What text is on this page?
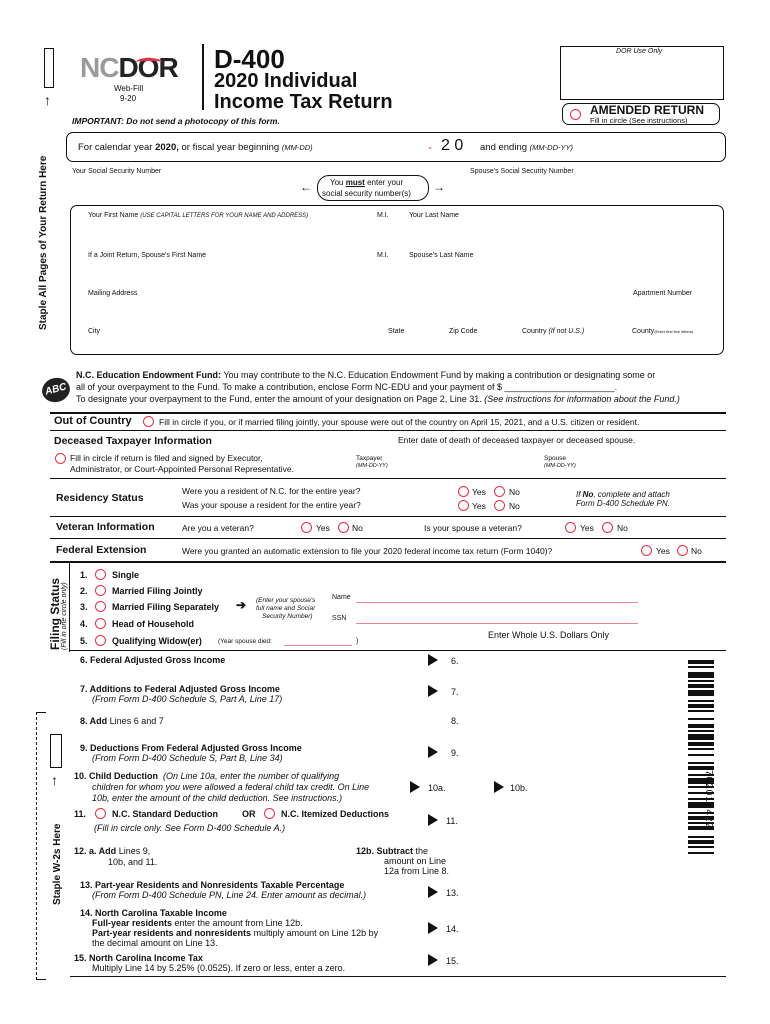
Staple All Pages of Your Return Here
↑
↑
Staple W-2s Here
NCDOR
Web-Fill
9-20
D-400
2020 Individual
Income Tax Return
DOR Use Only
AMENDED RETURN
Fill in circle (See instructions)
IMPORTANT: Do not send a photocopy of this form.
For calendar year 2020, or fiscal year beginning (MM-DD)	- 2 0 and ending (MM-DD-YY)
Your Social Security Number	Spouse's Social Security Number
← You must enter your
social security number(s) →
Your First Name (USE CAPITAL LETTERS FOR YOUR NAME AND ADDRESS)	M.I.	Your Last Name
If a Joint Return, Spouse's First Name	M.I.	Spouse's Last Name
Mailing Address	Apartment Number
City	State	Zip Code	Country (If not U.S.)	County(Enter first five letters)
ABC
N.C. Education Endowment Fund: You may contribute to the N.C. Education Endowment Fund by making a contribution or designating some or
all of your overpayment to the Fund. To make a contribution, enclose Form NC-EDU and your payment of $ ______________________.
To designate your overpayment to the Fund, enter the amount of your designation on Page 2, Line 31. (See instructions for information about the Fund.)
Out of Country	Fill in circle if you, or if married filing jointly, your spouse were out of the country on April 15, 2021, and a U.S. citizen or resident.
Deceased Taxpayer Information	Enter date of death of deceased taxpayer or deceased spouse.
Fill in circle if return is filed and signed by Executor,
Administrator, or Court-Appointed Personal Representative.
Taxpayer
(MM-DD-YY)
Spouse
(MM-DD-YY)
Residency Status
Were you a resident of N.C. for the entire year?
Was your spouse a resident for the entire year?
Yes	No
Yes	No
If No, complete and attach
Form D-400 Schedule PN.
Veteran Information	Are you a veteran?	Yes	No	Is your spouse a veteran?	Yes	No
Federal Extension	Were you granted an automatic extension to file your 2020 federal income tax return (Form 1040)?	Yes No
Filing Status (Fill in one circle only)
1.	Single
2.	Married Filing Jointly
3.	Married Filing Separately ➔ (Enter your spouse's
full name and Social
Security Number)
Name
SSN
4.	Head of Household
5.	Qualifying Widow(er) (Year spouse died:	)
Enter Whole U.S. Dollars Only
6. Federal Adjusted Gross Income	6.
7. Additions to Federal Adjusted Gross Income
(From Form D-400 Schedule S, Part A, Line 17)
7.
8. Add Lines 6 and 7	8.
9. Deductions From Federal Adjusted Gross Income
(From Form D-400 Schedule S, Part B, Line 34)	9.
10. Child Deduction (On Line 10a, enter the number of qualifying
children for whom you were allowed a federal child tax credit. On Line
10b, enter the amount of the child deduction. See instructions.)
10a.	10b.
11.	N.C. Standard Deduction	OR	N.C. Itemized Deductions
(Fill in circle only. See Form D-400 Schedule A.)
11.
12. a. Add Lines 9,
10b, and 11.
12b. Subtract the
amount on Line
12a from Line 8.
13. Part-year Residents and Nonresidents Taxable Percentage
(From Form D-400 Schedule PN, Line 24. Enter amount as decimal.)	13.
14. North Carolina Taxable Income
Full-year residents enter the amount from Line 12b.
Part-year residents and nonresidents multiply amount on Line 12b by
the decimal amount on Line 13.
14.
15. North Carolina Income Tax
Multiply Line 14 by 5.25% (0.0525). If zero or less, enter a zero.
15.
702010422
